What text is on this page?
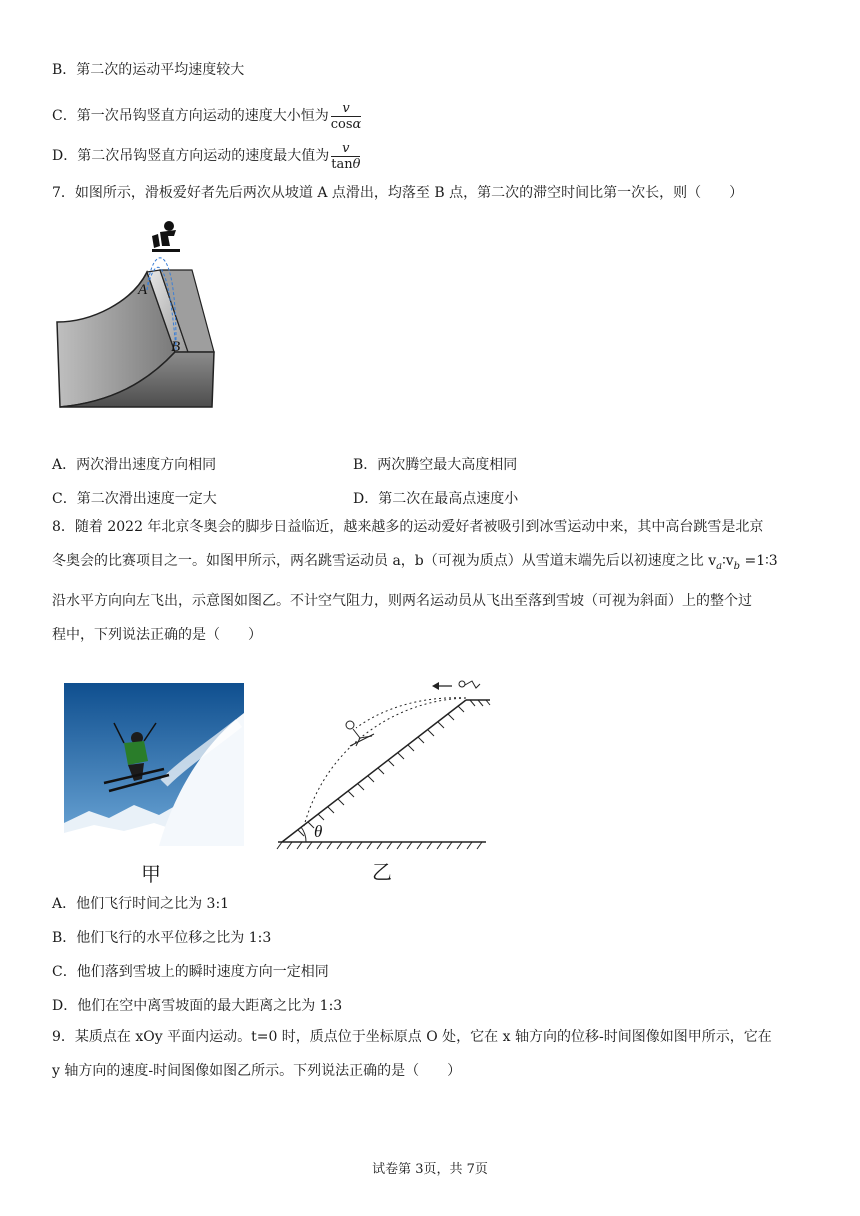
B．第二次的运动平均速度较大
C．第一次吊钩竖直方向运动的速度大小恒为 $\frac{v}{\cos\alpha}$
D．第二次吊钩竖直方向运动的速度最大值为 $\frac{v}{\tan\theta}$
7．如图所示，滑板爱好者先后两次从坡道 A 点滑出，均落至 B 点，第二次的滞空时间比第一次长，则（　　）
A
B
A．两次滑出速度方向相同	B．两次腾空最大高度相同
C．第二次滑出速度一定大	D．第二次在最高点速度小
8．随着 2022 年北京冬奥会的脚步日益临近，越来越多的运动爱好者被吸引到冰雪运动中来，其中高台跳雪是北京
冬奥会的比赛项目之一。如图甲所示，两名跳雪运动员 a，b（可视为质点）从雪道末端先后以初速度之比 $v_a∶v_b$ =1∶3
沿水平方向向左飞出，示意图如图乙。不计空气阻力，则两名运动员从飞出至落到雪坡（可视为斜面）上的整个过
程中，下列说法正确的是（　　）
甲
θ
乙
A．他们飞行时间之比为 3:1
B．他们飞行的水平位移之比为 1:3
C．他们落到雪坡上的瞬时速度方向一定相同
D．他们在空中离雪坡面的最大距离之比为 1:3
9．某质点在 xOy 平面内运动。t=0 时，质点位于坐标原点 O 处，它在 x 轴方向的位移-时间图像如图甲所示，它在
y 轴方向的速度-时间图像如图乙所示。下列说法正确的是（　　）
试卷第 3页，共 7页
